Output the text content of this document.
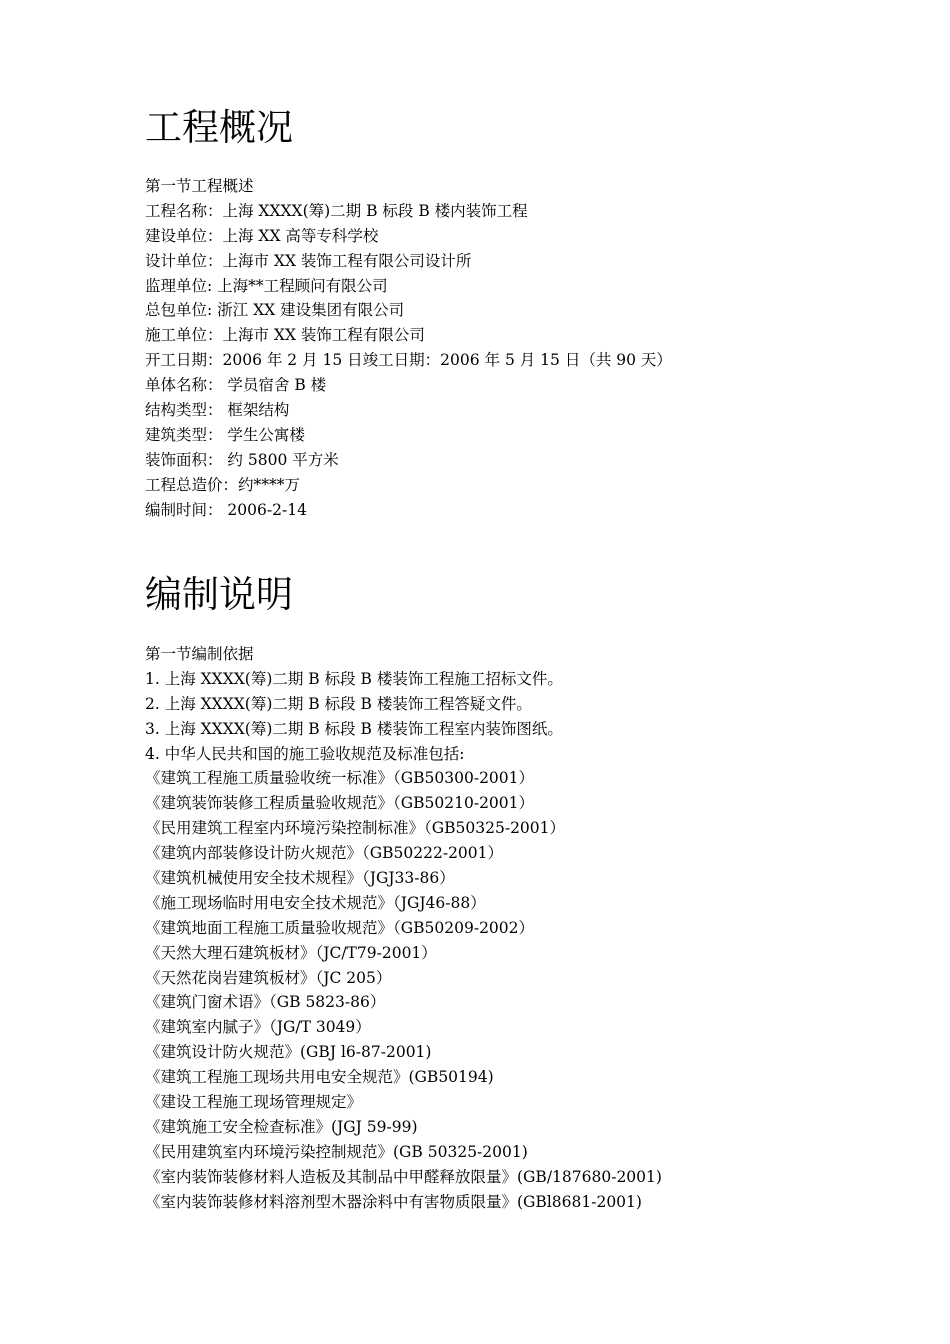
工程概况
第一节工程概述
工程名称：上海 XXXX(筹)二期 B 标段 B 楼内装饰工程
建设单位：上海 XX 高等专科学校
设计单位：上海市 XX 装饰工程有限公司设计所
监理单位: 上海**工程顾问有限公司
总包单位: 浙江 XX 建设集团有限公司
施工单位：上海市 XX 装饰工程有限公司
开工日期：2006 年 2 月 15 日竣工日期：2006 年 5 月 15 日（共 90 天）
单体名称： 学员宿舍 B 楼
结构类型： 框架结构
建筑类型： 学生公寓楼
装饰面积： 约 5800 平方米
工程总造价：约****万
编制时间： 2006-2-14
编制说明
第一节编制依据
1. 上海 XXXX(筹)二期 B 标段 B 楼装饰工程施工招标文件。
2. 上海 XXXX(筹)二期 B 标段 B 楼装饰工程答疑文件。
3. 上海 XXXX(筹)二期 B 标段 B 楼装饰工程室内装饰图纸。
4. 中华人民共和国的施工验收规范及标准包括:
《建筑工程施工质量验收统一标准》（GB50300-2001）
《建筑装饰装修工程质量验收规范》（GB50210-2001）
《民用建筑工程室内环境污染控制标准》（GB50325-2001）
《建筑内部装修设计防火规范》（GB50222-2001）
《建筑机械使用安全技术规程》（JGJ33-86）
《施工现场临时用电安全技术规范》（JGJ46-88）
《建筑地面工程施工质量验收规范》（GB50209-2002）
《天然大理石建筑板材》（JC/T79-2001）
《天然花岗岩建筑板材》（JC 205）
《建筑门窗术语》（GB 5823-86）
《建筑室内腻子》（JG/T 3049）
《建筑设计防火规范》(GBJ l6-87-2001)
《建筑工程施工现场共用电安全规范》(GB50194)
《建设工程施工现场管理规定》
《建筑施工安全检查标准》(JGJ 59-99)
《民用建筑室内环境污染控制规范》(GB 50325-2001)
《室内装饰装修材料人造板及其制品中甲醛释放限量》(GB/187680-2001)
《室内装饰装修材料溶剂型木器涂料中有害物质限量》(GBl8681-2001)
